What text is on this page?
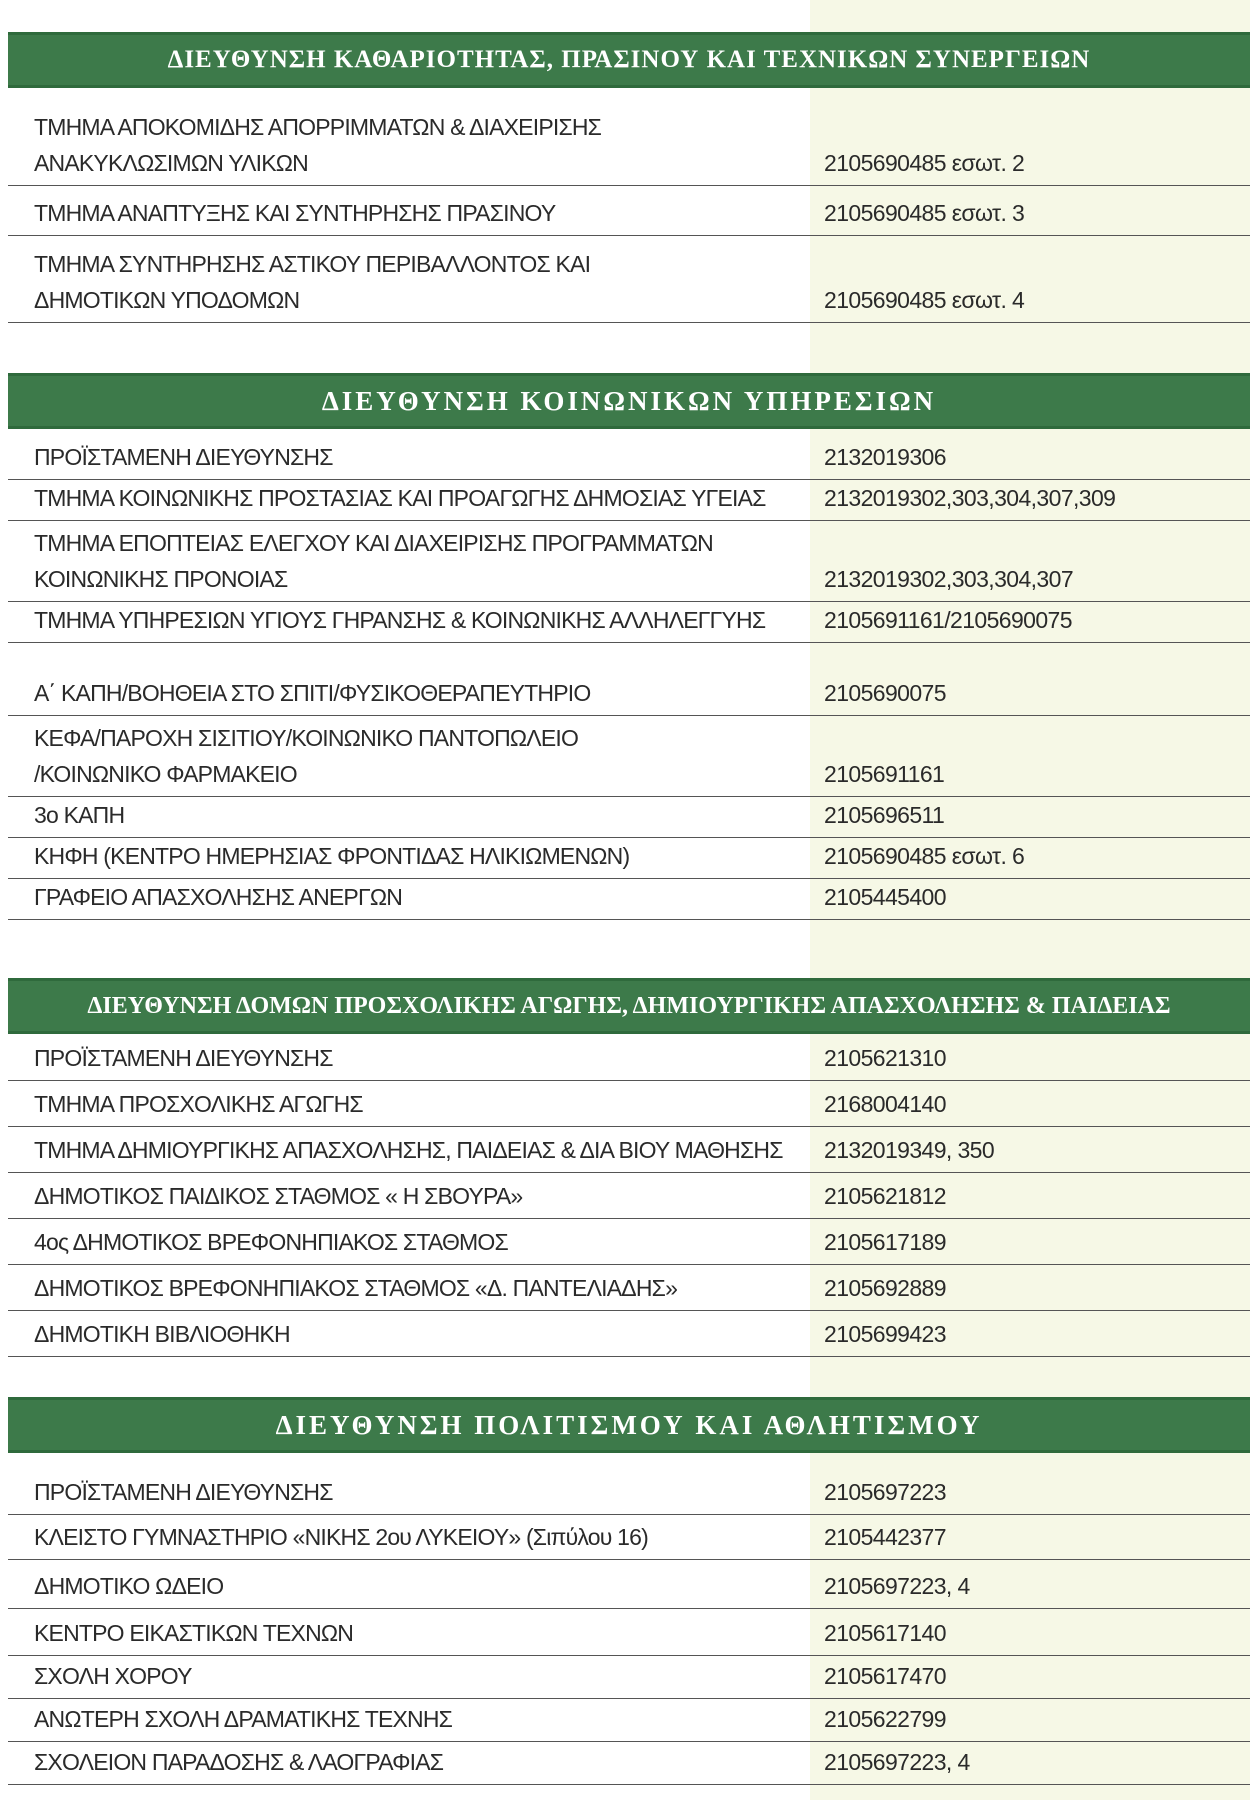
ΔΙΕΥΘΥΝΣΗ ΚΑΘΑΡΙΟΤΗΤΑΣ, ΠΡΑΣΙΝΟΥ ΚΑΙ ΤΕΧΝΙΚΩΝ ΣΥΝΕΡΓΕΙΩΝ
ΤΜΗΜΑ ΑΠΟΚΟΜΙΔΗΣ ΑΠΟΡΡΙΜΜΑΤΩΝ & ΔΙΑΧΕΙΡΙΣΗΣ
ΑΝΑΚΥΚΛΩΣΙΜΩΝ ΥΛΙΚΩΝ	2105690485 εσωτ. 2
ΤΜΗΜΑ ΑΝΑΠΤΥΞΗΣ ΚΑΙ ΣΥΝΤΗΡΗΣΗΣ ΠΡΑΣΙΝΟΥ	2105690485 εσωτ. 3
ΤΜΗΜΑ ΣΥΝΤΗΡΗΣΗΣ ΑΣΤΙΚΟΥ ΠΕΡΙΒΑΛΛΟΝΤΟΣ ΚΑΙ
ΔΗΜΟΤΙΚΩΝ ΥΠΟΔΟΜΩΝ	2105690485 εσωτ. 4
ΔΙΕΥΘΥΝΣΗ ΚΟΙΝΩΝΙΚΩΝ ΥΠΗΡΕΣΙΩΝ
ΠΡΟΪΣΤΑΜΕΝΗ ΔΙΕΥΘΥΝΣΗΣ	2132019306
ΤΜΗΜΑ ΚΟΙΝΩΝΙΚΗΣ ΠΡΟΣΤΑΣΙΑΣ ΚΑΙ ΠΡΟΑΓΩΓΗΣ ΔΗΜΟΣΙΑΣ ΥΓΕΙΑΣ	2132019302,303,304,307,309
ΤΜΗΜΑ ΕΠΟΠΤΕΙΑΣ ΕΛΕΓΧΟΥ ΚΑΙ ΔΙΑΧΕΙΡΙΣΗΣ ΠΡΟΓΡΑΜΜΑΤΩΝ
ΚΟΙΝΩΝΙΚΗΣ ΠΡΟΝΟΙΑΣ	2132019302,303,304,307
ΤΜΗΜΑ ΥΠΗΡΕΣΙΩΝ ΥΓΙΟΥΣ ΓΗΡΑΝΣΗΣ & ΚΟΙΝΩΝΙΚΗΣ ΑΛΛΗΛΕΓΓΥΗΣ	2105691161/2105690075
Α΄ ΚΑΠΗ/ΒΟΗΘΕΙΑ ΣΤΟ ΣΠΙΤΙ/ΦΥΣΙΚΟΘΕΡΑΠΕΥΤΗΡΙΟ	2105690075
ΚΕΦΑ/ΠΑΡΟΧΗ ΣΙΣΙΤΙΟΥ/ΚΟΙΝΩΝΙΚΟ ΠΑΝΤΟΠΩΛΕΙΟ
/ΚΟΙΝΩΝΙΚΟ ΦΑΡΜΑΚΕΙΟ	2105691161
3ο ΚΑΠΗ	2105696511
ΚΗΦΗ (ΚΕΝΤΡΟ ΗΜΕΡΗΣΙΑΣ ΦΡΟΝΤΙΔΑΣ ΗΛΙΚΙΩΜΕΝΩΝ)	2105690485 εσωτ. 6
ΓΡΑΦΕΙΟ ΑΠΑΣΧΟΛΗΣΗΣ ΑΝΕΡΓΩΝ	2105445400
ΔΙΕΥΘΥΝΣΗ ΔΟΜΩΝ ΠΡΟΣΧΟΛΙΚΗΣ ΑΓΩΓΗΣ, ΔΗΜΙΟΥΡΓΙΚΗΣ ΑΠΑΣΧΟΛΗΣΗΣ & ΠΑΙΔΕΙΑΣ
ΠΡΟΪΣΤΑΜΕΝΗ ΔΙΕΥΘΥΝΣΗΣ	2105621310
ΤΜΗΜΑ ΠΡΟΣΧΟΛΙΚΗΣ ΑΓΩΓΗΣ	2168004140
ΤΜΗΜΑ ΔΗΜΙΟΥΡΓΙΚΗΣ ΑΠΑΣΧΟΛΗΣΗΣ, ΠΑΙΔΕΙΑΣ & ΔΙΑ ΒΙΟΥ ΜΑΘΗΣΗΣ	2132019349, 350
ΔΗΜΟΤΙΚΟΣ ΠΑΙΔΙΚΟΣ ΣΤΑΘΜΟΣ « Η ΣΒΟΥΡΑ»	2105621812
4ος ΔΗΜΟΤΙΚΟΣ ΒΡΕΦΟΝΗΠΙΑΚΟΣ ΣΤΑΘΜΟΣ	2105617189
ΔΗΜΟΤΙΚΟΣ ΒΡΕΦΟΝΗΠΙΑΚΟΣ ΣΤΑΘΜΟΣ «Δ. ΠΑΝΤΕΛΙΑΔΗΣ»	2105692889
ΔΗΜΟΤΙΚΗ ΒΙΒΛΙΟΘΗΚΗ	2105699423
ΔΙΕΥΘΥΝΣΗ ΠΟΛΙΤΙΣΜΟΥ ΚΑΙ ΑΘΛΗΤΙΣΜΟΥ
ΠΡΟΪΣΤΑΜΕΝΗ ΔΙΕΥΘΥΝΣΗΣ	2105697223
ΚΛΕΙΣΤΟ ΓΥΜΝΑΣΤΗΡΙΟ «ΝΙΚΗΣ 2ου ΛΥΚΕΙΟΥ» (Σιπύλου 16)	2105442377
ΔΗΜΟΤΙΚΟ ΩΔΕΙΟ	2105697223, 4
ΚΕΝΤΡΟ ΕΙΚΑΣΤΙΚΩΝ ΤΕΧΝΩΝ	2105617140
ΣΧΟΛΗ ΧΟΡΟΥ	2105617470
ΑΝΩΤΕΡΗ ΣΧΟΛΗ ΔΡΑΜΑΤΙΚΗΣ ΤΕΧΝΗΣ	2105622799
ΣΧΟΛΕΙΟΝ ΠΑΡΑΔΟΣΗΣ & ΛΑΟΓΡΑΦΙΑΣ	2105697223, 4
